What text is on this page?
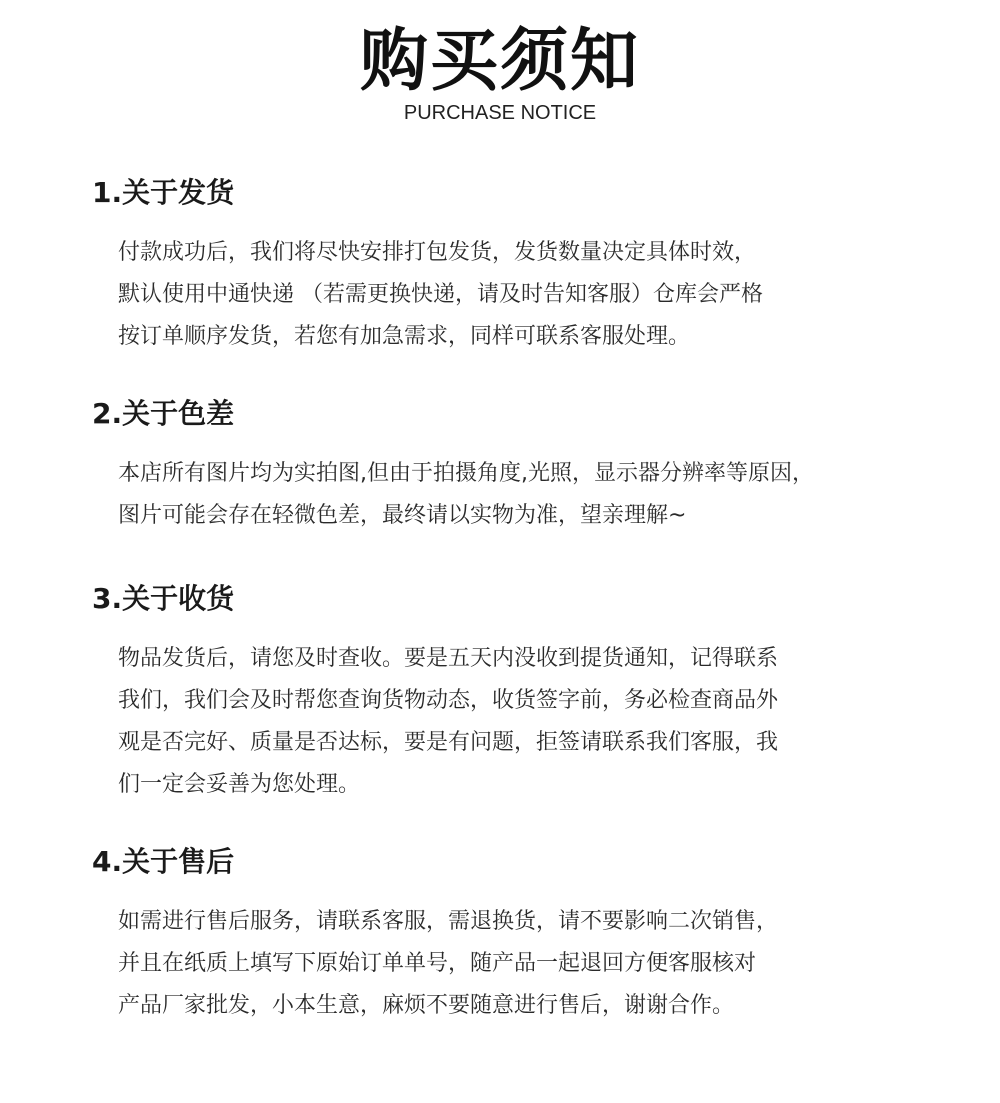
购买须知
PURCHASE NOTICE
1.关于发货
付款成功后，我们将尽快安排打包发货，发货数量决定具体时效，
默认使用中通快递 （若需更换快递，请及时告知客服）仓库会严格
按订单顺序发货，若您有加急需求，同样可联系客服处理。
2.关于色差
本店所有图片均为实拍图,但由于拍摄角度,光照，显示器分辨率等原因，
图片可能会存在轻微色差，最终请以实物为准，望亲理解~
3.关于收货
物品发货后，请您及时查收。要是五天内没收到提货通知，记得联系
我们，我们会及时帮您查询货物动态，收货签字前，务必检查商品外
观是否完好、质量是否达标，要是有问题，拒签请联系我们客服，我
们一定会妥善为您处理。
4.关于售后
如需进行售后服务，请联系客服，需退换货，请不要影响二次销售，
并且在纸质上填写下原始订单单号，随产品一起退回方便客服核对
产品厂家批发，小本生意，麻烦不要随意进行售后，谢谢合作。
